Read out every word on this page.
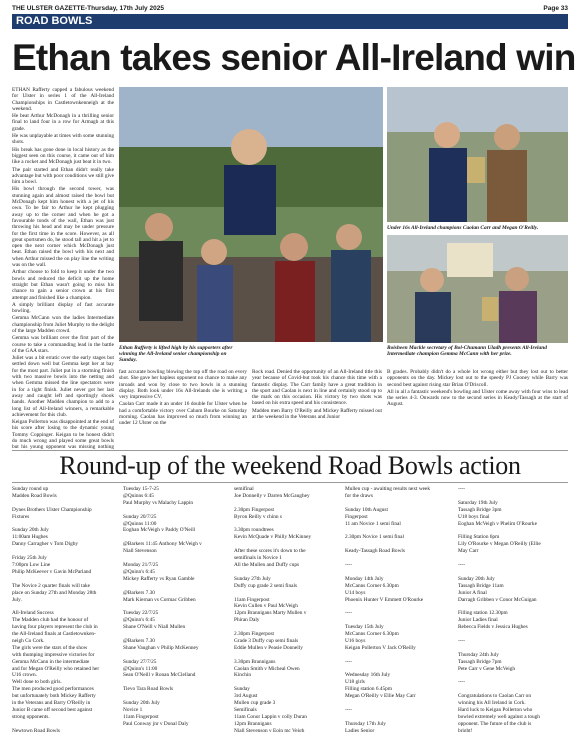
THE ULSTER GAZETTE-Thursday, 17th July 2025	Page 33
ROAD BOWLS
Ethan takes senior All-Ireland win

ETHAN Rafferty capped a fabulous weekend for Ulster in series 1 of the All-Ireland Championships in Castletownkenneigh at the weekend.

He beat Arthur McDonagh in a thrilling senior final to land four in a row for Armagh at this grade.

He was unplayable at times with some stunning shots.

His break has gone done in local history as the biggest seen on this course, it came out of him like a rocket and McDonagh just beat it in two.

The pair started and Ethan didn't really take advantage but with poor conditions we still give him a bowl.

His bowl through the second tower, was stunning again and almost raised the bowl but McDonagh kept him honest with a jet of his own. To be fair to Arthur he kept plugging away up to the corner and when he got a favourable tonds of the wall, Ethan was just throwing his head and may be under pressure for the first time in the score. However, as all great sportsmen do, he stood tall and hit a jet to open the next corner which McDonagh just beat. Ethan raised the bowl with his next and when Arthur missed the on play line the writing was on the wall.

Arthur choose to fold to keep it under the two bowls and reduced the deficit up the home straight but Ethan wasn't going to miss his chance to gain a senior crown at his first attempt and finished like a champion.

A simply brilliant display of fast accurate bowling.

Gemma McCann won the ladies Intermediate championship from Juliet Murphy to the delight of the large Madden crowd.

Gemma was brilliant over the first part of the course to take a commanding lead in the battle of the GAA stars.

Juliet was a bit erratic over the early stages but settled down well but Gemma kept her at bay for the most part. Juliet put in a storming finish with two massive bowls into the netting and when Gemma missed the line spectators were in for a tight finish. Juliet never got her last away and caught left and sportingly shook hands. Another Madden champion to add to a long list of All-Ireland winners, a remarkable achievement for this club.

Keigan Pollerton was disappointed at the end of his score after losing to the dynamic young Tommy Coppinger. Keigan to be honest didn't do much wrong and played some great bowls but his young opponent was missing nothing

Ethan Rafferty is lifted high by his supporters after winning the All-Ireland senior championship on Sunday.
Under 16s All-Ireland champions Caolan Carr and Megan O'Reilly.
Roisheen Mackle secretary of Bol-Chumann Uladh presents All-Ireland Intermediate champion Gemma McCann with her prize.

fast accurate bowling blowing the top off the road on every shot. She gave her hapless opponent no chance to make any inroads and won by close to two bowls in a stunning display. Both look under 16s All-Irelands she is writing a very impressive CV.

Caolan Carr made it an under 16 double for Ulster when he had a comfortable victory over Cahum Bourke on Saturday morning. Caolan has improved so much from winning an under 12 Ulster on the

Rock road. Denied the opportunity of an All-Ireland title this year because of Covid-but took his chance this time with a fantastic display. The Carr family have a great tradition in the sport and Caolan is next in line and certainly stood up to the mark on this occasion. His victory by two shots was based on his extra speed and his consistence.

Madden men Barry O'Reilly and Mickey Rafferty missed out at the weekend in the Veterans and Junior

B grades. Probably didn't do a whole lot wrong either but they lost out to better opponents on the day. Mickey lost out to the speedy PJ Cooney while Barry was second best against rising star Brian O'Driscoll.

All in all a fantastic weekend's bowling and Ulster come away with four wins to lead the series 4-3. Onwards now to the second series in Keady/Tassagh at the start of August.

Round-up of the weekend Road Bowls action
Sunday round up
Madden Road Bowls

Dynes Brothers Ulster Championship
Fixtures

Sunday 20th July
11:00am Hughes
Danny Carragher v Tom Digby

Friday 25th July
7:00pm Low Line
Philip McKeever v Gavin McParland

The Novice 2 quarter finals will take
place on Sunday 27th and Monday 28th
July.

All-Ireland Success
The Madden club had the honour of
having four players represent the club in
the All-Ireland finals at Castletownken-
neigh Co Cork.
The girls were the stars of the show
with thumping impressive victories for
Gemma McCann in the intermediate
and for Megan O'Reilly who retained her
U16 crown.
Well done to both girls.
The men produced good performances
but unfortunately both Mickey Rafferty
in the Veterans and Barry O'Reilly in
Junior B came off second best against
strong opponents.

Newtown Road Bowls
Tuesday 15-7-25
@Quinns 6:45
Paul Murphy vs Malachy Lappin

Sunday 20/7/25
@Quinns 11:00
Eoghan McVeigh v Paddy O'Neill

@Barkers 11:45 Anthony McVeigh v
Niall Stevenson

Monday 21/7/25
@Quinn's 6:45
Mickey Rafferty vs Ryan Gamble

@Barkers 7.30
Mark Kiernan vs Cormac Gribben

Tuesday 22/7/25
@Quinn's 6:45
Shane O'Neill v Niall Mullen

@Barkers 7.30
Shane Vaughan v Philip McKenney

Sunday 27/7/25
@Quinn's 11:00
Sean O'Neill v Ronan McClelland

Tievo Tara Road Bowls

Sunday 20th July
Novice 1
11am Fingerpost
Paul Conway jnr v Donal Daly

semifinal
Joe Donnelly v Darren McGaughey

2.30pm Fingerpost
Byron Reilly v chinn s

3.30pm roundtrees
Kevin McQuade v Philly McKinney

After these scores it's down to the
semifinals in Novice 1
All the Mullen and Duffy cups

Sunday 27th July
Duffy cup grade 2 semi finals

11am Fingerpost
Kevin Cullen v Paul McVeigh
12pm Brannigans Marty Mullen v
Phiran Daly

2.30pm Fingerpost
Grade 3 Duffy cup semi finals
Eddie Mullen v Peasie Donnelly

3.30pm Brannigans
Caolan Smith v Micheal Owen
Kinchin

Sunday
3rd August
Mullen cup grade 3
Semifinals
11am Conor Lappin v colly Duran
12pm Brannigans
Niall Stevenson v Eoin mc Veigh

Mullen cup - awaiting results next week
for the draws

Sunday 10th August
Fingerpost
11 am Novice 1 semi final

2.30pm Novice 1 semi final

Keady-Tassagh Road Bowls

----

Monday 14th July
McCanns Corner 6.30pm
U14 boys
Phoenix Hunter V Emmett O'Rourke

----

Tuesday 15th July
McCanns Corner 6.30pm
U16 boys
Keigan Pollerton V Jack O'Reilly

----

Wednesday 16th July
U18 girls
Filling station 6.45pm
Megan O'Reilly v Ellie May Carr

----

Thursday 17th July
Ladies Senior
----

Saturday 19th July
Tassagh Bridge 3pm
U18 boys final
Eoghan McVeigh v Phelim O'Rourke

Filling Station 6pm
Lily O'Rourke v Megan O'Reilly (Ellie
May Carr

----

Sunday 20th July
Tassagh Bridge 11am
Junior A final
Darragh Gribben v Conor McGuigan

Filling station 12.30pm
Junior Ladies final
Rebecca Fields v Jessica Hughes

----

Thursday 24th July
Tassagh Bridge 7pm
Pete Carr v Gene McVeigh

----

Congratulations to Caolan Carr on
winning his All Ireland in Cork.
Hard luck to Keigan Pollerton who
bowled extremely well against a tough
opponent. The future of the club is
bright!
